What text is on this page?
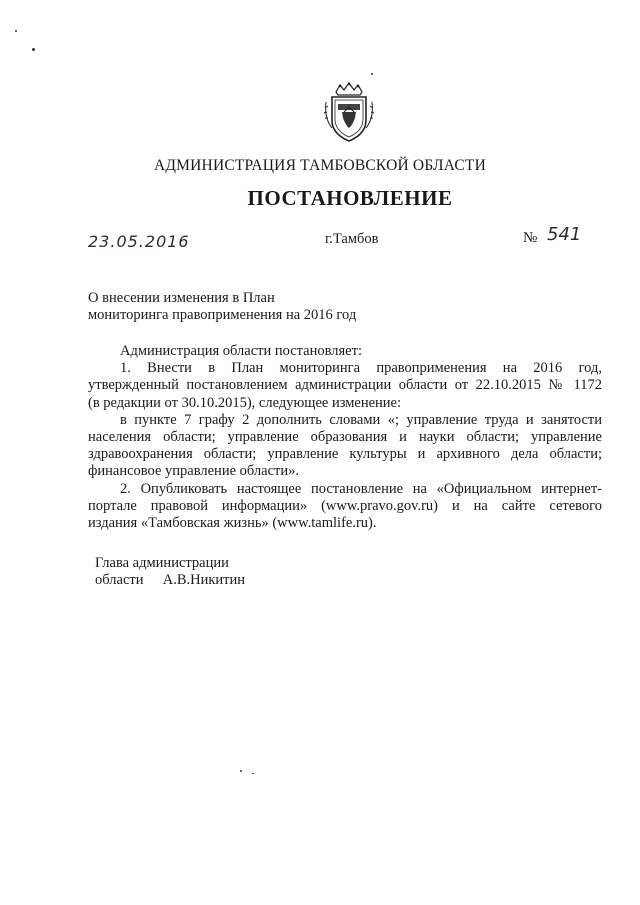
АДМИНИСТРАЦИЯ ТАМБОВСКОЙ ОБЛАСТИ
ПОСТАНОВЛЕНИЕ
23.05.2016	г.Тамбов	№ 541
О внесении изменения в План
мониторинга правоприменения на 2016 год
Администрация области постановляет:
1. Внести в План мониторинга правоприменения на 2016 год,
утвержденный постановлением администрации области от 22.10.2015 № 1172
(в редакции от 30.10.2015), следующее изменение:
в пункте 7 графу 2 дополнить словами «; управление труда и занятости
населения области; управление образования и науки области; управление
здравоохранения области; управление культуры и архивного дела области;
финансовое управление области».
2. Опубликовать настоящее постановление на «Официальном интернет-
портале правовой информации» (www.pravo.gov.ru) и на сайте сетевого
издания «Тамбовская жизнь» (www.tamlife.ru).
Глава администрации
области А.В.Никитин
